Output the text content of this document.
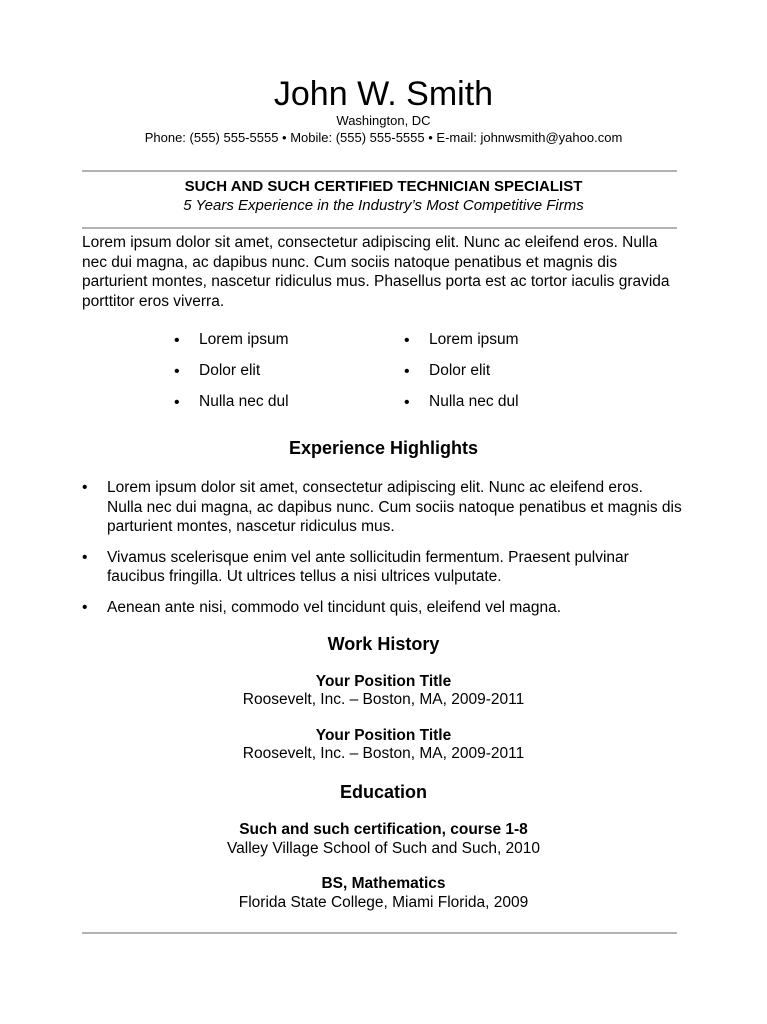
John W. Smith
Washington, DC
Phone: (555) 555-5555 • Mobile: (555) 555-5555 • E-mail: johnwsmith@yahoo.com
SUCH AND SUCH CERTIFIED TECHNICIAN SPECIALIST
5 Years Experience in the Industry’s Most Competitive Firms
Lorem ipsum dolor sit amet, consectetur adipiscing elit. Nunc ac eleifend eros. Nulla nec dui magna, ac dapibus nunc. Cum sociis natoque penatibus et magnis dis parturient montes, nascetur ridiculus mus. Phasellus porta est ac tortor iaculis gravida porttitor eros viverra.
• Lorem ipsum
• Dolor elit
• Nulla nec dul
• Lorem ipsum
• Dolor elit
• Nulla nec dul
Experience Highlights
• Lorem ipsum dolor sit amet, consectetur adipiscing elit. Nunc ac eleifend eros. Nulla nec dui magna, ac dapibus nunc. Cum sociis natoque penatibus et magnis dis parturient montes, nascetur ridiculus mus.
• Vivamus scelerisque enim vel ante sollicitudin fermentum. Praesent pulvinar faucibus fringilla. Ut ultrices tellus a nisi ultrices vulputate.
• Aenean ante nisi, commodo vel tincidunt quis, eleifend vel magna.
Work History
Your Position Title
Roosevelt, Inc. – Boston, MA, 2009-2011
Your Position Title
Roosevelt, Inc. – Boston, MA, 2009-2011
Education
Such and such certification, course 1-8
Valley Village School of Such and Such, 2010
BS, Mathematics
Florida State College, Miami Florida, 2009
